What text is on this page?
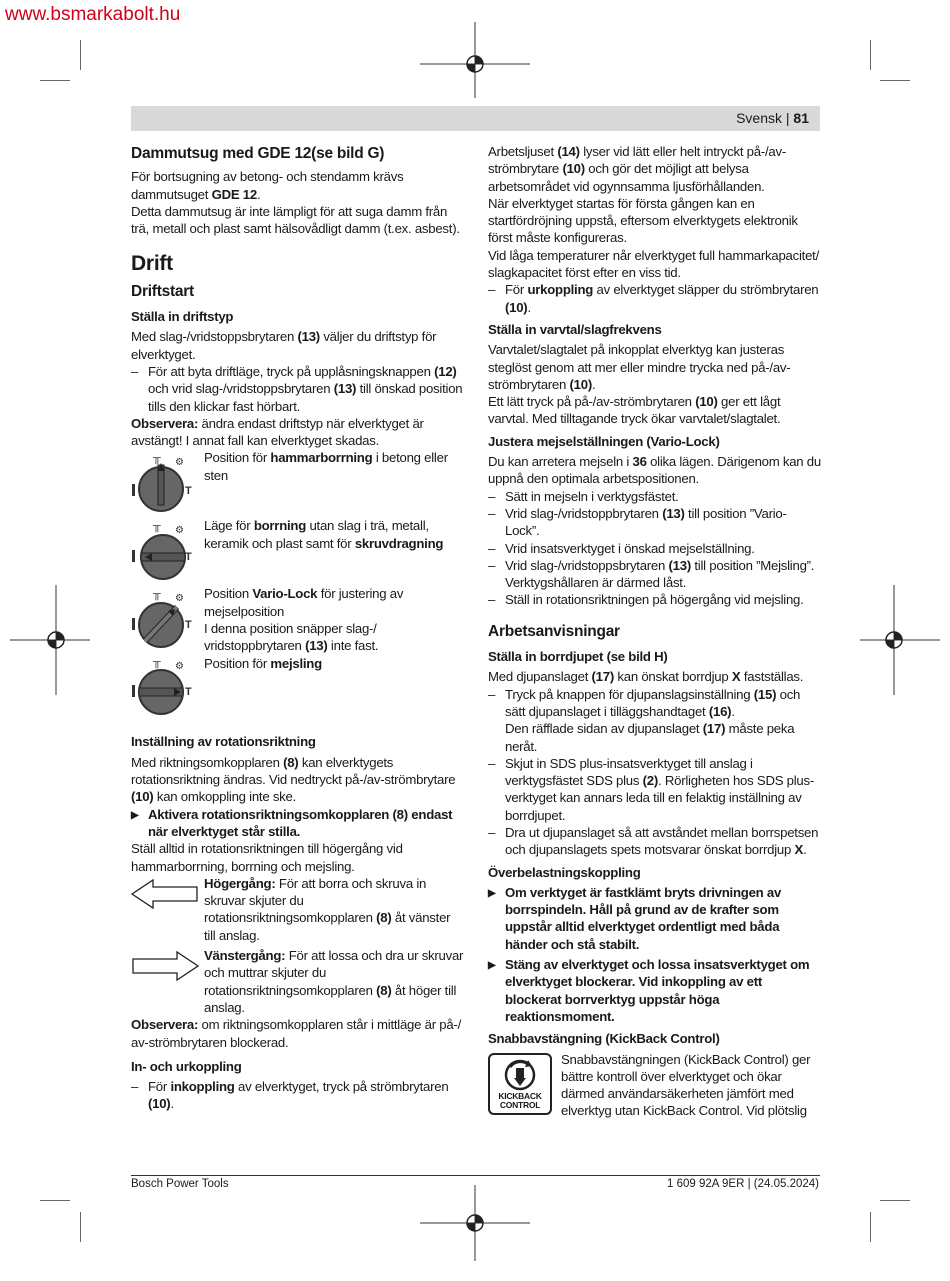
www.bsmarkabolt.hu
Svensk | 81

Dammutsug med GDE 12(se bild G)

För bortsugning av betong- och stendamm krävs dammutsuget GDE 12.

Detta dammutsug är inte lämpligt för att suga damm från trä, metall och plast samt hälsovådligt damm (t.ex. asbest).

Drift

Driftstart

Ställa in driftstyp

Med slag-/vridstoppsbrytaren (13) väljer du driftstyp för elverktyget.

– För att byta driftläge, tryck på upplåsningsknappen (12) och vrid slag-/vridstoppsbrytaren (13) till önskad position tills den klickar fast hörbart.

Observera: ändra endast driftstyp när elverktyget är avstängt! I annat fall kan elverktyget skadas.

╥ ⚙
T

Position för hammarborrning i betong eller sten

╥ ⚙
T

Läge för borrning utan slag i trä, metall, keramik och plast samt för skruvdragning

╥ ⚙
T

Position Vario-Lock för justering av mejselposition

I denna position snäpper slag-/ vridstoppbrytaren (13) inte fast.

╥ ⚙
T

Position för mejsling

Inställning av rotationsriktning

Med riktningsomkopplaren (8) kan elverktygets rotationsriktning ändras. Vid nedtryckt på-/av-strömbrytare (10) kan omkoppling inte ske.

▶ Aktivera rotationsriktningsomkopplaren (8) endast när elverktyget står stilla.

Ställ alltid in rotationsriktningen till högergång vid hammarborrning, borrning och mejsling.

Högergång: För att borra och skruva in skruvar skjuter du rotationsriktningsomkopplaren (8) åt vänster till anslag.

Vänstergång: För att lossa och dra ur skruvar och muttrar skjuter du rotationsriktningsomkopplaren (8) åt höger till anslag.

Observera: om riktningsomkopplaren står i mittläge är på-/ av-strömbrytaren blockerad.

In- och urkoppling

– För inkoppling av elverktyget, tryck på strömbrytaren (10).

Arbetsljuset (14) lyser vid lätt eller helt intryckt på-/av-strömbrytare (10) och gör det möjligt att belysa arbetsområdet vid ogynnsamma ljusförhållanden.

När elverktyget startas för första gången kan en startfördröjning uppstå, eftersom elverktygets elektronik först måste konfigureras.

Vid låga temperaturer når elverktyget full hammarkapacitet/ slagkapacitet först efter en viss tid.

– För urkoppling av elverktyget släpper du strömbrytaren (10).

Ställa in varvtal/slagfrekvens

Varvtalet/slagtalet på inkopplat elverktyg kan justeras steglöst genom att mer eller mindre trycka ned på-/av-strömbrytaren (10).

Ett lätt tryck på på-/av-strömbrytaren (10) ger ett lågt varvtal. Med tilltagande tryck ökar varvtalet/slagtalet.

Justera mejselställningen (Vario-Lock)

Du kan arretera mejseln i 36 olika lägen. Därigenom kan du uppnå den optimala arbetspositionen.

– Sätt in mejseln i verktygsfästet.

– Vrid slag-/vridstoppbrytaren (13) till position ”Vario-Lock”.

– Vrid insatsverktyget i önskad mejselställning.

– Vrid slag-/vridstoppsbrytaren (13) till position ”Mejsling”. Verktygshållaren är därmed låst.

– Ställ in rotationsriktningen på högergång vid mejsling.

Arbetsanvisningar

Ställa in borrdjupet (se bild H)

Med djupanslaget (17) kan önskat borrdjup X fastställas.

– Tryck på knappen för djupanslagsinställning (15) och sätt djupanslaget i tilläggshandtaget (16).

Den räfflade sidan av djupanslaget (17) måste peka neråt.

– Skjut in SDS plus-insatsverktyget till anslag i verktygsfästet SDS plus (2). Rörligheten hos SDS plus-verktyget kan annars leda till en felaktig inställning av borrdjupet.

– Dra ut djupanslaget så att avståndet mellan borrspetsen och djupanslagets spets motsvarar önskat borrdjup X.

Överbelastningskoppling

▶ Om verktyget är fastklämt bryts drivningen av borrspindeln. Håll på grund av de krafter som uppstår alltid elverktyget ordentligt med båda händer och stå stabilt.

▶ Stäng av elverktyget och lossa insatsverktyget om elverktyget blockerar. Vid inkoppling av ett blockerat borrverktyg uppstår höga reaktionsmoment.

Snabbavstängning (KickBack Control)

KICKBACK
CONTROL

Snabbavstängningen (KickBack Control) ger bättre kontroll över elverktyget och ökar därmed användarsäkerheten jämfört med elverktyg utan KickBack Control. Vid plötslig

Bosch Power Tools	1 609 92A 9ER | (24.05.2024)
